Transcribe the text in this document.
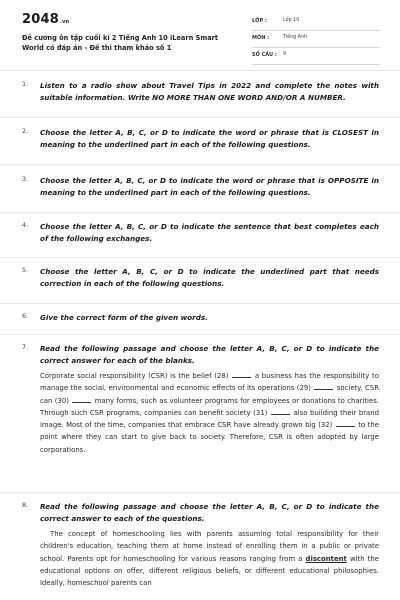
2048.vn
Đề cương ôn tập cuối kì 2 Tiếng Anh 10 iLearn Smart World có đáp án - Đề thi tham khảo số 1
LỚP :	Lớp 10
MÔN :	Tiếng Anh
SỐ CÂU : 9
1. Listen to a radio show about Travel Tips in 2022 and complete the notes with suitable information. Write NO MORE THAN ONE WORD AND/OR A NUMBER.
2. Choose the letter A, B, C, or D to indicate the word or phrase that is CLOSEST in meaning to the underlined part in each of the following questions.
3. Choose the letter A, B, C, or D to indicate the word or phrase that is OPPOSITE in meaning to the underlined part in each of the following questions.
4. Choose the letter A, B, C, or D to indicate the sentence that best completes each of the following exchanges.
5. Choose the letter A, B, C, or D to indicate the underlined part that needs correction in each of the following questions.
6. Give the correct form of the given words.
7. Read the following passage and choose the letter A, B, C, or D to indicate the correct answer for each of the blanks.
Corporate social responsibility (CSR) is the belief (28)	a business has the responsibility to manage the social, environmental and economic effects of its operations (29)	society. CSR can (30)	many forms, such as volunteer programs for employees or donations to charities. Through such CSR programs, companies can benefit society (31)	also building their brand image. Most of the time, companies that embrace CSR have already grown big (32)	to the point where they can start to give back to society. Therefore, CSR is often adopted by large corporations.
8. Read the following passage and choose the letter A, B, C, or D to indicate the correct answer to each of the questions.
The concept of homeschooling lies with parents assuming total responsibility for their children's education, teaching them at home instead of enrolling them in a public or private school. Parents opt for homeschooling for various reasons ranging from a discontent with the educational options on offer, different religious beliefs, or different educational philosophies. Ideally, homeschool parents can
